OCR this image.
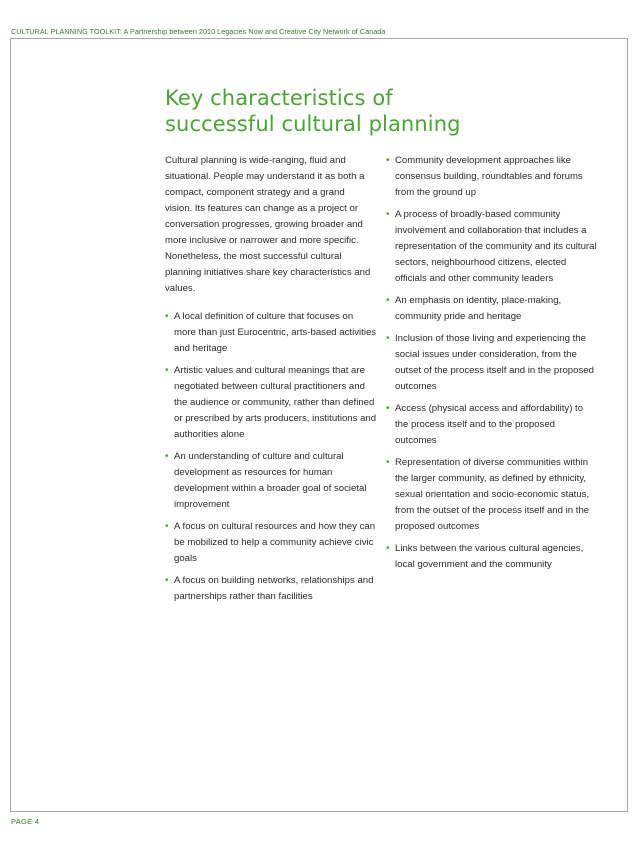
CULTURAL PLANNING TOOLKIT: A Partnership between 2010 Legacies Now and Creative City Network of Canada
Key characteristics of
successful cultural planning

Cultural planning is wide-ranging, fluid and situational. People may understand it as both a compact, component strategy and a grand vision. Its features can change as a project or conversation progresses, growing broader and more inclusive or narrower and more specific. Nonetheless, the most successful cultural planning initiatives share key characteristics and values.

• A local definition of culture that focuses on more than just Eurocentric, arts-based activities and heritage
• Artistic values and cultural meanings that are negotiated between cultural practitioners and the audience or community, rather than defined or prescribed by arts producers, institutions and authorities alone
• An understanding of culture and cultural development as resources for human development within a broader goal of societal improvement
• A focus on cultural resources and how they can be mobilized to help a community achieve civic goals
• A focus on building networks, relationships and partnerships rather than facilities
• Community development approaches like consensus building, roundtables and forums from the ground up
• A process of broadly-based community involvement and collaboration that includes a representation of the community and its cultural sectors, neighbourhood citizens, elected officials and other community leaders
• An emphasis on identity, place-making, community pride and heritage
• Inclusion of those living and experiencing the social issues under consideration, from the outset of the process itself and in the proposed outcomes
• Access (physical access and affordability) to the process itself and to the proposed outcomes
• Representation of diverse communities within the larger community, as defined by ethnicity, sexual orientation and socio-economic status, from the outset of the process itself and in the proposed outcomes
• Links between the various cultural agencies, local government and the community
PAGE 4
